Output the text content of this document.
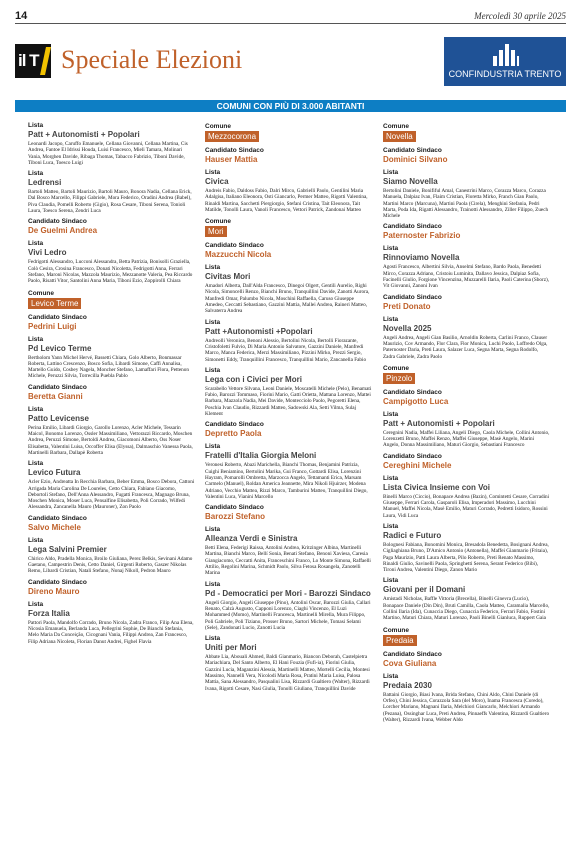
14	Mercoledì 30 aprile 2025
il T Speciale Elezioni	CONFINDUSTRIA TRENTO
COMUNI CON PIÙ DI 3.000 ABITANTI
Lista
Patt + Autonomisti + Popolari
Leonardi Jacopo, Caruffo Emanuele, Cellana Giovanni, Cellana Martina, Cis Andrea, Fantoe El Idrissi Houda, Luisi Francesco, Mieli Tamara, Molinari Vania, Morghen Davide, Ribaga Thomas, Tabacco Fabrizio, Tiboni Davide, Tiboni Luca, Toesco Luigi
Lista
Ledrensi
Bartoli Matteo, Bartoli Maurizio, Bartoli Mauro, Bonora Nadia, Cellana Erick, Dal Bosco Marcello, Filippi Gabriele, Mora Federico, Oradini Andrea (Babel), Piva Claudia, Pomelli Roberto (Gigio), Rosa Cesare, Tiboni Serena, Tonioli Laura, Toesco Serena, Zendri Luca
Candidato Sindaco
De Guelmi Andrea
Lista
Vivi Ledro
Fedrigotti Alessandro, Lucconi Alessandra, Betta Patrizia, Bonisolli Graziella, Colò Cesira, Crosina Francesco, Donati Nicoletta, Fedrigotti Anna, Ferrari Stefano, Maroni Nicolas, Mazzola Maurizio, Mezzanotte Valeria, Pea Riccardo Paolo, Risatti Vitor, Santolini Anna Maria, Tiboni Ezio, Zoppirolli Chiara
Comune
Levico Terme
Candidato Sindaco
Pedrini Luigi
Lista
Pd Levico Terme
Bertholom Yann Michel Hervé, Bassetti Chiara, Golo Alberto, Bonmassar Roberta, Lattino Crescenzo, Bosco Sofia, Libardi Simone, Caffi Annalisa, Martello Guido, Cosbey Nagela, Moncher Stefano, Lamaffari Flora, Pettenon Michele, Peruzzi Silvia, Torrecilla Puebla Pablo
Candidato Sindaco
Beretta Gianni
Lista
Patto Levicense
Perina Emilio, Libardi Giorgio, Garollo Lorenzo, Acler Michele, Tessarin Maicol, Bonomo Lorenzo, Ossler Massimiliano, Vettorazzi Riccardo, Moschen Andrea, Peruzzi Simone, Bertoldi Andrea, Giacomoni Alberto, Oss Noser Elisabetta, Valentini Luisa, Occoffer Elisa (Elyssa), Dalmaschio Vanessa Paola, Martinelli Barbara, Dallapè Roberta
Lista
Levico Futura
Acler Ezio, Andreatta In Recchia Barbara, Beber Emma, Bosco Debora, Cattoni Arrigada Maria Carolina De Loureles, Cetto Chiara, Fabiano Giacomo, Debortoli Stefano, Dell'Anna Alessandro, Fugatti Francesca, Magnago Bruna, Moschen Monica, Moser Luca, Pensalfine Elisabetta, Poli Corrado, Wilfedi Alessandra, Zancanella Mauro (Mauroner), Zon Paolo
Candidato Sindaco
Salvo Michele
Lista
Lega Salvini Premier
Chirico Aldo, Pradella Monica, Broilo Giuliana, Perez Belkis, Sevinani Adamo Gaetano, Campestrin Denis, Cetto Daniel, Girgenti Roberto, Gaszer Nikolas Remo, Libardi Cristian, Natali Stefano, Nonaj Nikoll, Pedron Mauro
Candidato Sindaco
Direno Mauro
Lista
Forza Italia
Pattori Paola, Mandolfo Corrado, Bruno Nicola, Zadra Franco, Filip Ana Elena, Nicosia Emanuela, Berlanda Luca, Pellegrini Sophie, De Bianchi Stefania, Melo Maria Da Conceição, Cicognani Vania, Filippi Andrea, Zan Francesco, Filip Adriana Nicoleta, Florian Danut Andrei, Fighel Flavia
Comune
Mezzocorona
Candidato Sindaco
Hauser Mattia
Lista
Civica
Andreis Fabio, Daldoss Fabio, Dalri Mirco, Gabrielli Paolo, Gentilini Maria Adalgisa, Italiano Eleonora, Osti Giancarlo, Permer Matteo, Rigotti Valentina, Rinaldi Martina, Sacchetti Piergiorgio, Stefani Cristina, Tait Eleonora, Tait Matilde, Tonolli Laura, Vanoli Francesco, Vettori Patrick, Zandonai Matteo
Comune
Mori
Candidato Sindaco
Mazzucchi Nicola
Lista
Civitas Mori
Amadori Alberta, Dall'Alda Francesco, Dinegoi Olgert, Gentili Aurelio, Righi Nicola, Simoncelli Renzo, Bianchi Bruno, Tranquillini Davide, Zanotti Aurora, Manfredi Omar, Palumbo Nicola, Moschini Raffaella, Caruso Giuseppe Amedeo, Ceccatti Sebastiano, Gazzini Mattia, Mallei Andrea, Raineri Matteo, Salvaterra Andrea
Lista
Patt +Autonomisti +Popolari
Andreolli Veronica, Benoni Alessio, Bertolini Nicola, Bertolli Fiorazante, Cristofoletti Fulvio, Di Maria Antonio Salvatore, Gazzini Daniele, Manfredi Marco, Manca Federica, Merzi Massimiliano, Pizzini Mirko, Prezzi Sergio, Simonetti Eddy, Tranquillini Francesco, Tranquillini Mario, Zancanella Fabio
Lista
Lega con i Civici per Mori
Scarabello Vettore Silvana, Leoni Daniele, Moscatelli Michele (Pelo), Benamati Fabio, Barozzi Tommaso, Fiorini Mario, Gatti Orietta, Mattana Lorenzo, Mattei Barbara, Mazzola Nadia, Mei Davide, Montecciolo Paolo, Pegoretti Elena, Poschia Ivan Claudio, Rizzardi Matteo, Sadowski Ala, Setti Vilma, Sulaj Klement
Candidato Sindaco
Depretto Paola
Lista
Fratelli d'Italia Giorgia Meloni
Veronesi Roberto, Abazi Marichella, Bianchi Thomas, Benjamini Patrizia, Cuighi Beniamino, Bertolini Marika, Gui Franco, Gottardi Elisa, Lorenzini Hayram, Pomarolli Ombretta, Marzocca Angelo, Tettamanti Erica, Marsam Carmelo (Manuel), Roldan America Jeannette, Mira Nikoli Hjuirzer, Modena Adriano, Vecchio Mattea, Rizzi Marco, Tamburini Matteo, Tranquillini Diego, Valentini Luca, Vianini Marcello
Candidato Sindaco
Barozzi Stefano
Lista
Alleanza Verdi e Sinistra
Betti Elena, Federigi Raissa, Antolini Andrea, Kritzinger Albina, Martinelli Martina, Bianchi Marco, Bellí Sonia, Benati Stefano, Benoni Xaviesa, Caresia Giangiacomo, Ceccatti Anita, Franceschini Franco, Lo Monte Simona, Raffaelli Attilio, Regolini Marina, Schmidt Paolo, Silva Fetosa Rosangela, Zanotelli Marina
Lista
Pd - Democratici per Mori - Barozzi Sindaco
Angeli Giorgio, Angeli Giuseppe (Pino), Antolini Oscar, Barozzi Giulia, Callari Renato, Calzà Augusto, Capponi Lorenzo, Ciaghi Vincenzo, El Luzi Mohammed (Momo), Martinelli Francesca, Martinelli Mirella, Mura Filippo, Poli Gabriele, Poli Tiziano, Prosser Bruno, Sartori Michele, Tomasi Selami (Sele), Zandonati Lucio, Zanotti Lucia
Lista
Uniti per Mori
Abbate Lia, Abouali Ahmed, Baldi Gianmario, Biancon Deborah, Castelpietra Mariachiara, Del Santo Alberto, El Hani Fouzia (Fufi-ia), Fiorini Giulia, Gazzini Lucia, Maganzini Alessia, Martinelli Matteo, Mortelli Cecilia, Montesi Massimo, Nannelli Vera, Nicolodi Maria Rosa, Pratini Maria Luisa, Palosa Mattia, Sana Alessandro, Pasqualini Lisa, Rizzardi Gualtiero (Walter), Rizzardi Ivana, Rigotti Cesare, Nasi Giulia, Tonolli Giuliano, Tranquillini Davide
Comune
Novella
Candidato Sindaco
Dominici Silvano
Lista
Siamo Novella
Bertolini Daniele, Bonififul Amal, Canestrini Marco, Corazza Marco, Corazza Manuela, Dalpiaz Ivan, Flaim Cristian, Floretta Mirko, Franch Gian Paolo, Martini Marco (Marcuna), Martini Paola (Cirela), Menghini Stefania, Pedri Marta, Poda Ida, Rigatti Alessandro, Trainotti Alessandro, Ziller Filippo, Zuech Michele
Candidato Sindaco
Paternoster Fabrizio
Lista
Rinnoviamo Novella
Agosti Francesco, Albertini Silvia, Anselmi Stefano, Bardo Paola, Benedetti Mirco, Corazza Adriano, Cristoiu Luminita, Dallavo Jessica, Dalpiaz Sofia, Facinelli Giulio, Forgione Vincenzina, Muzzarelli Ilaria, Paoli Caterina (Sborz), Vit Giovanni, Zanoni Ivan
Candidato Sindaco
Preti Donato
Lista
Novella 2025
Angeli Andrea, Angeli Gian Basilio, Arnoldin Roberta, Carlini Franco, Clauser Maurizio, Cov Armando, Flor Clara, Flor Monica, Luchi Paolo, Loffredo Olga, Paternoster Daria, Preti Laura, Salazer Luca, Segna Marta, Segna Rodolfo, Zadra Gabriele, Zadra Paolo
Comune
Pinzolo
Candidato Sindaco
Campigotto Luca
Lista
Patt + Autonomisti + Popolari
Ceregnini Nadia, Maffei Liliana, Angeli Diego, Caola Michele, Collini Antonio, Lorenzetti Bruno, Maffei Renzo, Maffei Giuseppe, Masè Angelo, Marini Angelo, Donna Massimiliano, Maturi Giorgio, Sebastiani Francesco
Candidato Sindaco
Cereghini Michele
Lista
Lista Civica Insieme con Voi
Binelli Marco (Ciccio), Bonapace Andrea (Bazin), Comintetti Cesare, Corradini Giuseppe, Ferrari Carola, Gasparoli Elisa, Imperadori Massimo, Lucchini Manuel, Maffei Nicola, Masè Emilio, Maturi Corrado, Pedretti Isidoro, Rossini Laura, Vidi Luca
Lista
Radici e Futuro
Bolognesi Fabiana, Bonomini Monica, Bresadola Benedetta, Bosignani Andrea, Cigliaghiana Bruno, D'Amico Antonio (Antonella), Maffei Gianmario (Fritaia), Paga Maurizio, Patti Laura Alberta, Pilo Roberto, Preti Renato Massimo, Rinaldi Giulio, Savinelli Paola, Springhetti Serena, Serant Federico (Bibi), Tironi Andrea, Valentini Diego, Zanon Mario
Lista
Giovani per il Domani
Amistadi Nicholas, Baffle Vittoria (Brecella), Binelli Ginevra (Lucio), Bonapace Daniele (Din Din), Bruti Camilla, Caola Matteo, Caramalia Marcello, Collini Ilaria (Ida), Cunaccia Diego, Cunaccia Federico, Ferrari Fabio, Fostini Martino, Maturi Chiara, Maturi Lorenzo, Paoli Binelli Gianluca, Ruppert Gaia
Comune
Predaia
Candidato Sindaco
Cova Giuliana
Lista
Predaia 2030
Battaini Giorgio, Biasi Ivana, Brida Stefano, Chini Aldo, Chini Daniele (di Orfeo), Chini Jessica, Corazzola Sara (del Moro), Inama Francesca (Coredo), Lorcher Mariano, Magnani Ilaria, Melchiori Giancarlo, Melchiori Armando (Pezana), Ossinghar Luca, Preti Andrea, Pinnaeffs Valentina, Rizzardi Gualtiero (Walter), Rizzardi Ivana, Webber Aldo
